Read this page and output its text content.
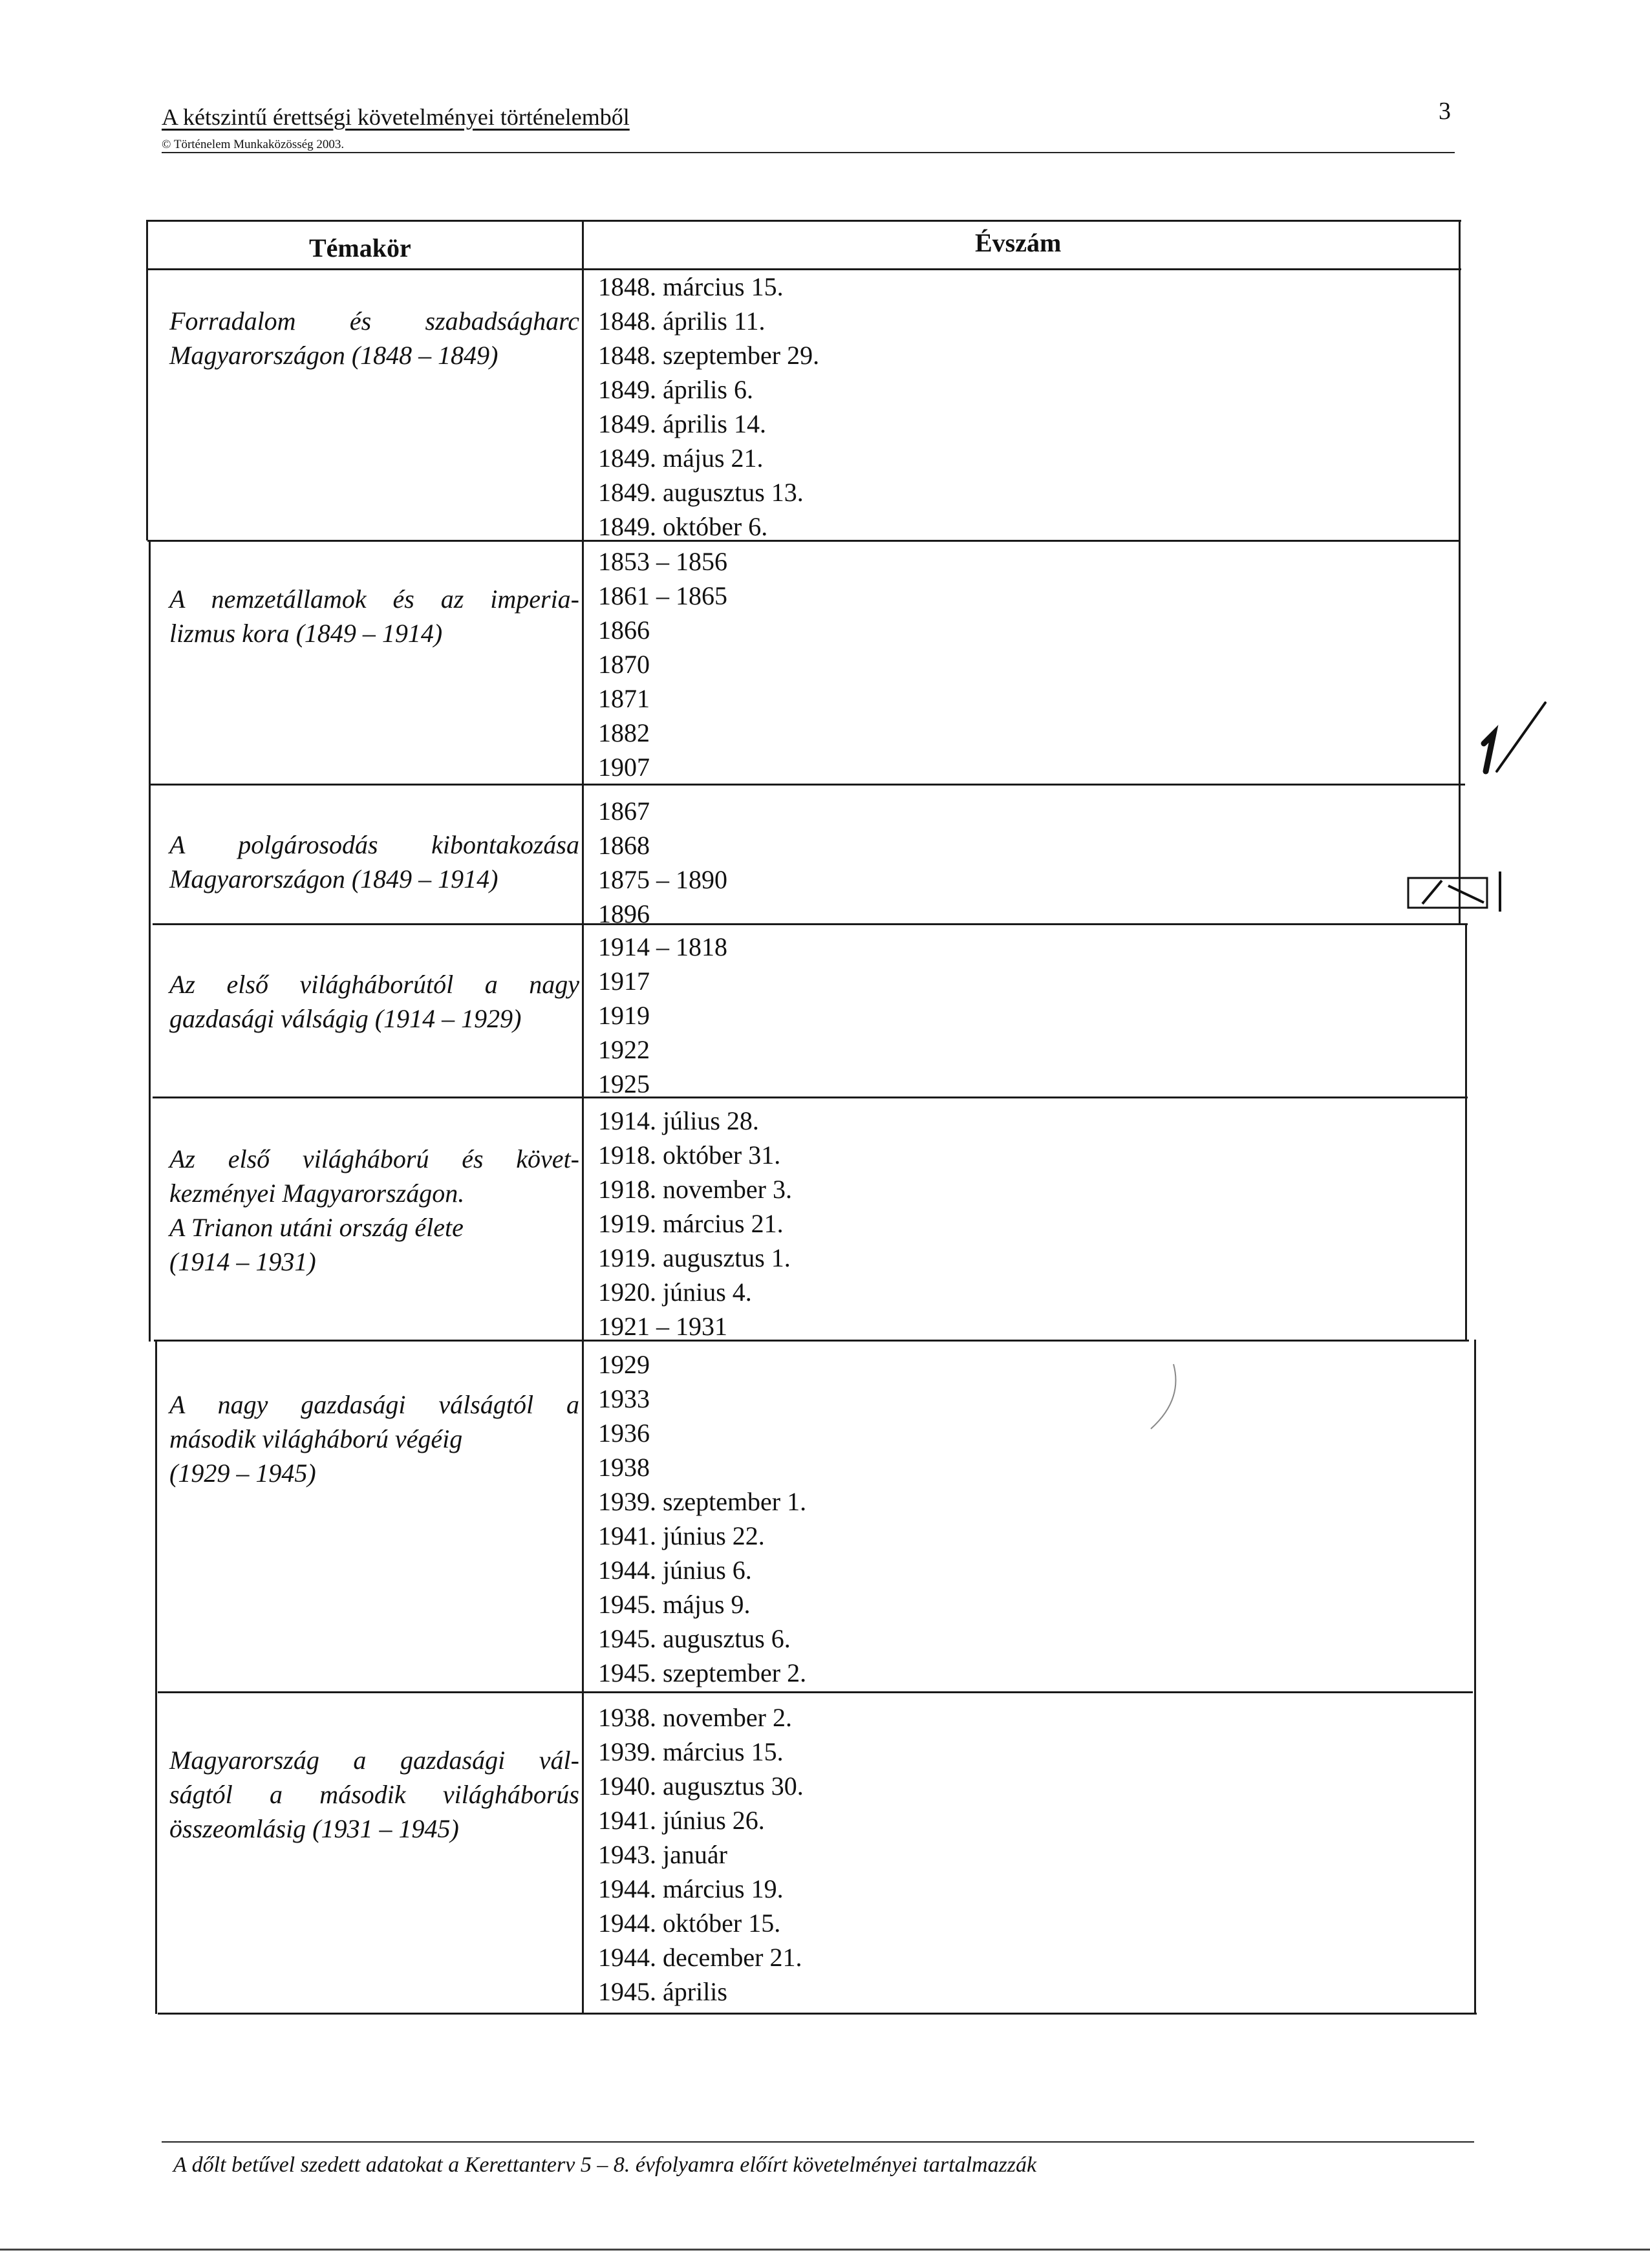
A kétszintű érettségi követelményei történelemből	3
© Történelem Munkaközösség 2003.
Témakör	Évszám
Forradalom és szabadságharc
Magyarországon (1848 – 1849)
1848. március 15.
1848. április 11.
1848. szeptember 29.
1849. április 6.
1849. április 14.
1849. május 21.
1849. augusztus 13.
1849. október 6.
A nemzetállamok és az imperia-
lizmus kora (1849 – 1914)
1853 – 1856
1861 – 1865
1866
1870
1871
1882
1907
A polgárosodás kibontakozása
Magyarországon (1849 – 1914)
1867
1868
1875 – 1890
1896
Az első világháborútól a nagy
gazdasági válságig (1914 – 1929)
1914 – 1818
1917
1919
1922
1925
Az első világháború és követ-
kezményei Magyarországon.
A Trianon utáni ország élete
(1914 – 1931)
1914. július 28.
1918. október 31.
1918. november 3.
1919. március 21.
1919. augusztus 1.
1920. június 4.
1921 – 1931
A nagy gazdasági válságtól a
második világháború végéig
(1929 – 1945)
1929
1933
1936
1938
1939. szeptember 1.
1941. június 22.
1944. június 6.
1945. május 9.
1945. augusztus 6.
1945. szeptember 2.
Magyarország a gazdasági vál-
ságtól a második világháborús
összeomlásig (1931 – 1945)
1938. november 2.
1939. március 15.
1940. augusztus 30.
1941. június 26.
1943. január
1944. március 19.
1944. október 15.
1944. december 21.
1945. április
A dőlt betűvel szedett adatokat a Kerettanterv 5 – 8. évfolyamra előírt követelményei tartalmazzák
